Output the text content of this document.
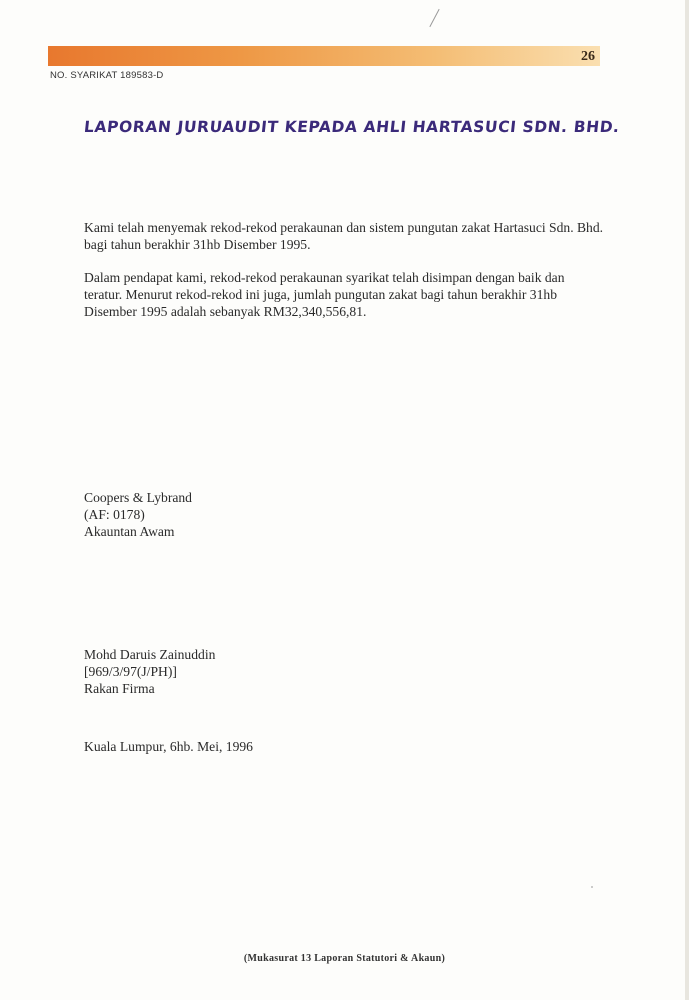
26
NO. SYARIKAT 189583-D
LAPORAN JURUAUDIT KEPADA AHLI HARTASUCI SDN. BHD.
Kami telah menyemak rekod-rekod perakaunan dan sistem pungutan zakat Hartasuci Sdn. Bhd. bagi tahun berakhir 31hb Disember 1995.
Dalam pendapat kami, rekod-rekod perakaunan syarikat telah disimpan dengan baik dan teratur. Menurut rekod-rekod ini juga, jumlah pungutan zakat bagi tahun berakhir 31hb Disember 1995 adalah sebanyak RM32,340,556,81.
Coopers & Lybrand
(AF: 0178)
Akauntan Awam
Mohd Daruis Zainuddin
[969/3/97(J/PH)]
Rakan Firma
Kuala Lumpur, 6hb. Mei, 1996
(Mukasurat 13 Laporan Statutori & Akaun)
